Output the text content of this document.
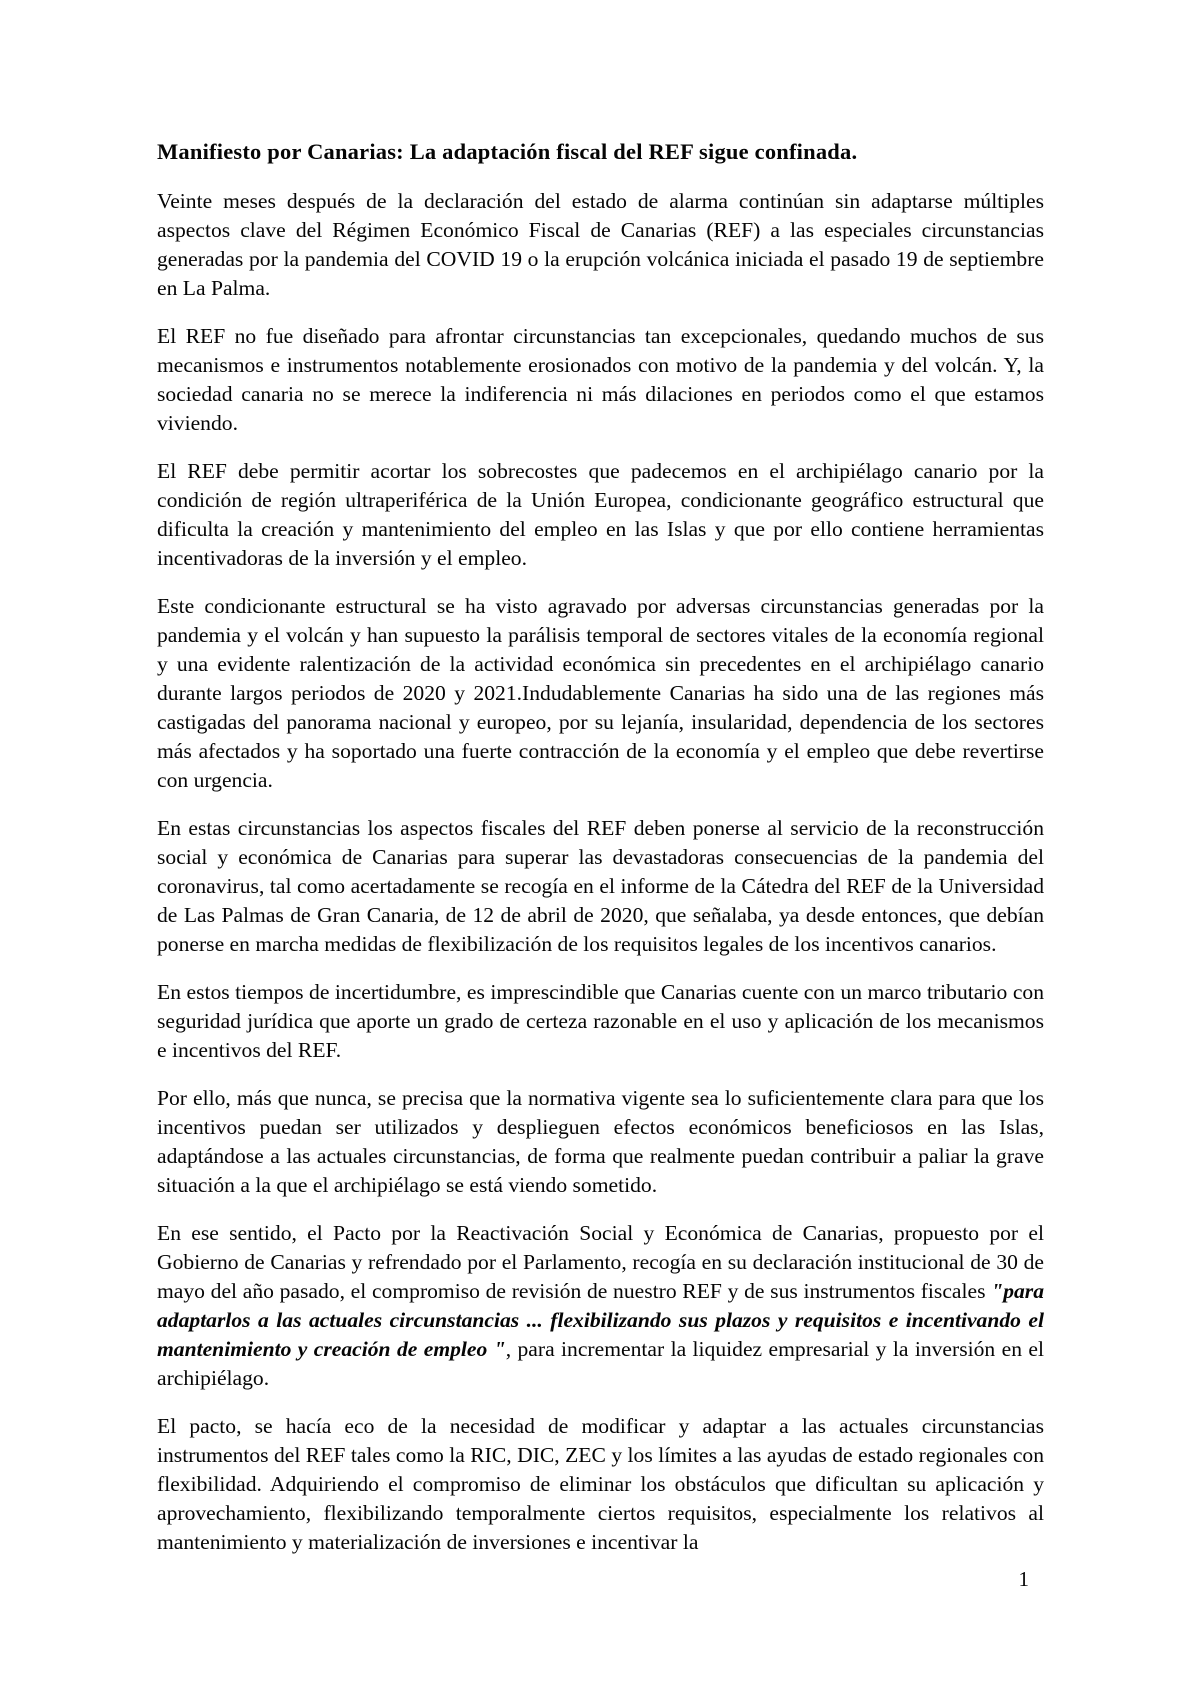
Manifiesto por Canarias: La adaptación fiscal del REF sigue confinada.

Veinte meses después de la declaración del estado de alarma continúan sin adaptarse múltiples aspectos clave del Régimen Económico Fiscal de Canarias (REF) a las especiales circunstancias generadas por la pandemia del COVID 19 o la erupción volcánica iniciada el pasado 19 de septiembre en La Palma.

El REF no fue diseñado para afrontar circunstancias tan excepcionales, quedando muchos de sus mecanismos e instrumentos notablemente erosionados con motivo de la pandemia y del volcán. Y, la sociedad canaria no se merece la indiferencia ni más dilaciones en periodos como el que estamos viviendo.

El REF debe permitir acortar los sobrecostes que padecemos en el archipiélago canario por la condición de región ultraperiférica de la Unión Europea, condicionante geográfico estructural que dificulta la creación y mantenimiento del empleo en las Islas y que por ello contiene herramientas incentivadoras de la inversión y el empleo.

Este condicionante estructural se ha visto agravado por adversas circunstancias generadas por la pandemia y el volcán y han supuesto la parálisis temporal de sectores vitales de la economía regional y una evidente ralentización de la actividad económica sin precedentes en el archipiélago canario durante largos periodos de 2020 y 2021.Indudablemente Canarias ha sido una de las regiones más castigadas del panorama nacional y europeo, por su lejanía, insularidad, dependencia de los sectores más afectados y ha soportado una fuerte contracción de la economía y el empleo que debe revertirse con urgencia.

En estas circunstancias los aspectos fiscales del REF deben ponerse al servicio de la reconstrucción social y económica de Canarias para superar las devastadoras consecuencias de la pandemia del coronavirus, tal como acertadamente se recogía en el informe de la Cátedra del REF de la Universidad de Las Palmas de Gran Canaria, de 12 de abril de 2020, que señalaba, ya desde entonces, que debían ponerse en marcha medidas de flexibilización de los requisitos legales de los incentivos canarios.

En estos tiempos de incertidumbre, es imprescindible que Canarias cuente con un marco tributario con seguridad jurídica que aporte un grado de certeza razonable en el uso y aplicación de los mecanismos e incentivos del REF.

Por ello, más que nunca, se precisa que la normativa vigente sea lo suficientemente clara para que los incentivos puedan ser utilizados y desplieguen efectos económicos beneficiosos en las Islas, adaptándose a las actuales circunstancias, de forma que realmente puedan contribuir a paliar la grave situación a la que el archipiélago se está viendo sometido.

En ese sentido, el Pacto por la Reactivación Social y Económica de Canarias, propuesto por el Gobierno de Canarias y refrendado por el Parlamento, recogía en su declaración institucional de 30 de mayo del año pasado, el compromiso de revisión de nuestro REF y de sus instrumentos fiscales "para adaptarlos a las actuales circunstancias ... flexibilizando sus plazos y requisitos e incentivando el mantenimiento y creación de empleo ", para incrementar la liquidez empresarial y la inversión en el archipiélago.

El pacto, se hacía eco de la necesidad de modificar y adaptar a las actuales circunstancias instrumentos del REF tales como la RIC, DIC, ZEC y los límites a las ayudas de estado regionales con flexibilidad. Adquiriendo el compromiso de eliminar los obstáculos que dificultan su aplicación y aprovechamiento, flexibilizando temporalmente ciertos requisitos, especialmente los relativos al mantenimiento y materialización de inversiones e incentivar la

1
